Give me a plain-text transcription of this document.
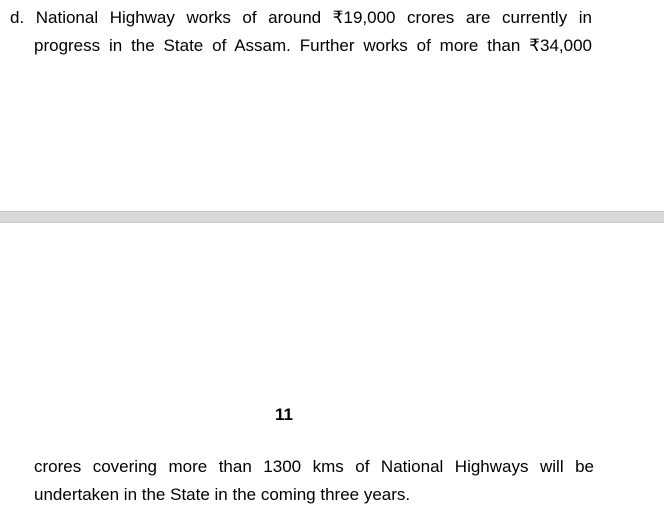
d. National Highway works of around ₹19,000 crores are currently in
progress in the State of Assam. Further works of more than ₹34,000
11
crores covering more than 1300 kms of National Highways will be
undertaken in the State in the coming three years.
